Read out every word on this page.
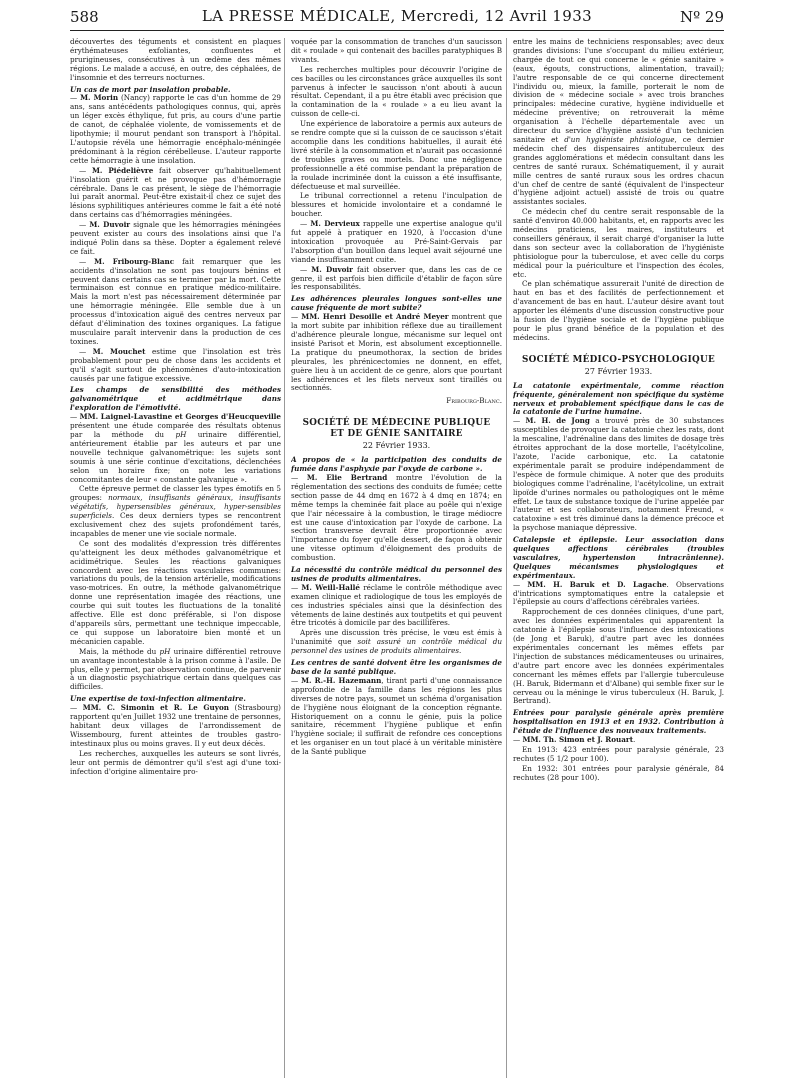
588	LA PRESSE MÉDICALE, Mercredi, 12 Avril 1933	Nº 29

découvertes des téguments et consistent en plaques érythémateuses exfoliantes, confluentes et prurigineuses, consécutives à un œdème des mêmes régions. Le malade a accusé, en outre, des céphalées, de l'insomnie et des terreurs nocturnes.

Un cas de mort par insolation probable.

— M. Morin (Nancy) rapporte le cas d'un homme de 29 ans, sans antécédents pathologiques connus, qui, après un léger excès éthylique, fut pris, au cours d'une partie de canot, de céphalée violente, de vomissements et de lipothymie; il mourut pendant son transport à l'hôpital. L'autopsie révéla une hémorragie encéphalo-méningée prédominant à la région cérébelleuse. L'auteur rapporte cette hémorragie à une insolation.

— M. Piédelièvre fait observer qu'habituellement l'insolation guérit et ne provoque pas d'hémorragie cérébrale. Dans le cas présent, le siège de l'hémorragie lui paraît anormal. Peut-être existait-il chez ce sujet des lésions syphilitiques antérieures comme le fait a été noté dans certains cas d'hémorragies méningées.

— M. Duvoir signale que les hémorragies méningées peuvent exister au cours des insolations ainsi que l'a indiqué Polin dans sa thèse. Dopter a également relevé ce fait.

— M. Fribourg-Blanc fait remarquer que les accidents d'insolation ne sont pas toujours bénins et peuvent dans certains cas se terminer par la mort. Cette terminaison est connue en pratique médico-militaire. Mais la mort n'est pas nécessairement déterminée par une hémorragie méningée. Elle semble due à un processus d'intoxication aiguë des centres nerveux par défaut d'élimination des toxines organiques. La fatigue musculaire paraît intervenir dans la production de ces toxines.

— M. Mouchet estime que l'insolation est très probablement pour peu de chose dans les accidents et qu'il s'agit surtout de phénomènes d'auto-intoxication causés par une fatigue excessive.

Les champs de sensibilité des méthodes galvanométrique et acidimétrique dans l'exploration de l'émotivité.

— MM. Laignel-Lavastine et Georges d'Heucqueville présentent une étude comparée des résultats obtenus par la méthode du pH urinaire différentiel, antérieurement établie par les auteurs et par une nouvelle technique galvanométrique: les sujets sont soumis à une série continue d'excitations, déclenchées selon un horaire fixe; on note les variations concomitantes de leur « constante galvanique ».

Cette épreuve permet de classer les types émotifs en 5 groupes: normaux, insuffisants généraux, insuffisants végétatifs, hypersensibles généraux, hyper-sensibles superficiels. Ces deux derniers types se rencontrent exclusivement chez des sujets profondément tarés, incapables de mener une vie sociale normale.

Ce sont des modalités d'expression très différentes qu'atteignent les deux méthodes galvanométrique et acidimétrique. Seules les réactions galvaniques concordent avec les réactions vasculaires communes: variations du pouls, de la tension artérielle, modifications vaso-motrices. En outre, la méthode galvanométrique donne une représentation imagée des réactions, une courbe qui suit toutes les fluctuations de la tonalité affective. Elle est donc préférable, si l'on dispose d'appareils sûrs, permettant une technique impeccable, ce qui suppose un laboratoire bien monté et un mécanicien capable.

Mais, la méthode du pH urinaire différentiel retrouve un avantage incontestable à la prison comme à l'asile. De plus, elle y permet, par observation continue, de parvenir à un diagnostic psychiatrique certain dans quelques cas difficiles.

Une expertise de toxi-infection alimentaire.

— MM. C. Simonin et R. Le Guyon (Strasbourg) rapportent qu'en Juillet 1932 une trentaine de personnes, habitant deux villages de l'arrondissement de Wissembourg, furent atteintes de troubles gastro-intestinaux plus ou moins graves. Il y eut deux décès.

Les recherches, auxquelles les auteurs se sont livrés, leur ont permis de démontrer qu'il s'est agi d'une toxi-infection d'origine alimentaire pro-

voquée par la consommation de tranches d'un saucisson dit « roulade » qui contenait des bacilles paratyphiques B vivants.

Les recherches multiples pour découvrir l'origine de ces bacilles ou les circonstances grâce auxquelles ils sont parvenus à infecter le saucisson n'ont abouti à aucun résultat. Cependant, il a pu être établi avec précision que la contamination de la « roulade » a eu lieu avant la cuisson de celle-ci.

Une expérience de laboratoire a permis aux auteurs de se rendre compte que si la cuisson de ce saucisson s'était accomplie dans les conditions habituelles, il aurait été livré stérile à la consommation et n'aurait pas occasionné de troubles graves ou mortels. Donc une négligence professionnelle a été commise pendant la préparation de la roulade incriminée dont la cuisson a été insuffisante, défectueuse et mal surveillée.

Le tribunal correctionnel a retenu l'inculpation de blessures et homicide involontaire et a condamné le boucher.

— M. Dervieux rappelle une expertise analogue qu'il fut appelé à pratiquer en 1920, à l'occasion d'une intoxication provoquée au Pré-Saint-Gervais par l'absorption d'un bouillon dans lequel avait séjourné une viande insuffisamment cuite.

— M. Duvoir fait observer que, dans les cas de ce genre, il est parfois bien difficile d'établir de façon sûre les responsabilités.

Les adhérences pleurales longues sont-elles une cause fréquente de mort subite?

— MM. Henri Desoille et André Meyer montrent que la mort subite par inhibition réflexe due au tiraillement d'adhérence pleurale longue, mécanisme sur lequel ont insisté Parisot et Morin, est absolument exceptionnelle. La pratique du pneumothorax, la section de brides pleurales, les phrénicectomies ne donnent, en effet, guère lieu à un accident de ce genre, alors que pourtant les adhérences et les filets nerveux sont tiraillés ou sectionnés.

Fribourg-Blanc.
SOCIÉTÉ DE MÉDECINE PUBLIQUE
ET DE GÉNIE SANITAIRE
22 Février 1933.
A propos de « la participation des conduits de fumée dans l'asphyxie par l'oxyde de carbone ».

— M. Elie Bertrand montre l'évolution de la réglementation des sections des conduits de fumée; cette section passe de 44 dmq en 1672 à 4 dmq en 1874; en même temps la cheminée fait place au poêle qui n'exige que l'air nécessaire à la combustion, le tirage médiocre est une cause d'intoxication par l'oxyde de carbone. La section transverse devrait être proportionnée avec l'importance du foyer qu'elle dessert, de façon à obtenir une vitesse optimum d'éloignement des produits de combustion.

La nécessité du contrôle médical du personnel des usines de produits alimentaires.

— M. Weill-Hallé réclame le contrôle méthodique avec examen clinique et radiologique de tous les employés de ces industries spéciales ainsi que la désinfection des vêtements de laine destinés aux toutpetits et qui peuvent être tricotés à domicile par des bacillifères.

Après une discussion très précise, le vœu est émis à l'unanimité que soit assuré un contrôle médical du personnel des usines de produits alimentaires.

Les centres de santé doivent être les organismes de base de la santé publique.

— M. R.-H. Hazemann, tirant parti d'une connaissance approfondie de la famille dans les régions les plus diverses de notre pays, soumet un schéma d'organisation de l'hygiène nous éloignant de la conception régnante. Historiquement on a connu le génie, puis la police sanitaire, récemment l'hygiène publique et enfin l'hygiène sociale; il suffirait de refondre ces conceptions et les organiser en un tout placé à un véritable ministère de la Santé publique

entre les mains de techniciens responsables; avec deux grandes divisions: l'une s'occupant du milieu extérieur, chargée de tout ce qui concerne le « génie sanitaire » (eaux, égouts, constructions, alimentation, travail); l'autre responsable de ce qui concerne directement l'individu ou, mieux, la famille, porterait le nom de division de « médecine sociale » avec trois branches principales: médecine curative, hygiène individuelle et médecine préventive; on retrouverait la même organisation à l'échelle départementale avec un directeur du service d'hygiène assisté d'un technicien sanitaire et d'un hygiéniste phtisiologue, ce dernier médecin chef des dispensaires antituberculeux des grandes agglomérations et médecin consultant dans les centres de santé ruraux. Schématiquement, il y aurait mille centres de santé ruraux sous les ordres chacun d'un chef de centre de santé (équivalent de l'inspecteur d'hygiène adjoint actuel) assisté de trois ou quatre assistantes sociales.

Ce médecin chef du centre serait responsable de la santé d'environ 40.000 habitants, et, en rapports avec les médecins praticiens, les maires, instituteurs et conseillers généraux, il serait chargé d'organiser la lutte dans son secteur avec la collaboration de l'hygiéniste phtisiologue pour la tuberculose, et avec celle du corps médical pour la puériculture et l'inspection des écoles, etc.

Ce plan schématique assurerait l'unité de direction de haut en bas et des facilités de perfectionnement et d'avancement de bas en haut. L'auteur désire avant tout apporter les éléments d'une discussion constructive pour la fusion de l'hygiène sociale et de l'hygiène publique pour le plus grand bénéfice de la population et des médecins.

SOCIÉTÉ MÉDICO-PSYCHOLOGIQUE
27 Février 1933.
La catatonie expérimentale, comme réaction fréquente, généralement non spécifique du système nerveux et probablement spécifique dans le cas de la catatonie de l'urine humaine.

— M. H. de Jong a trouvé près de 30 substances susceptibles de provoquer la catatonie chez les rats, dont la mescaline, l'adrénaline dans des limites de dosage très étroites approchant de la dose mortelle, l'acétylcoline, l'azote, l'acide carbonique, etc. La catatonie expérimentale paraît se produire indépendamment de l'espèce de formule chimique. A noter que des produits biologiques comme l'adrénaline, l'acétylcoline, un extrait lipoïde d'urines normales ou pathologiques ont le même effet. Le taux de substance toxique de l'urine appelée par l'auteur et ses collaborateurs, notamment Freund, « catatoxine » est très diminué dans la démence précoce et la psychose maniaque dépressive.

Catalepsie et épilepsie. Leur association dans quelques affections cérébrales (troubles vasculaires, hypertension intracrânienne). Quelques mécanismes physiologiques et expérimentaux.

— MM. H. Baruk et D. Lagache. Observations d'intrications symptomatiques entre la catalepsie et l'épilepsie au cours d'affections cérébrales variées.

Rapprochement de ces données cliniques, d'une part, avec les données expérimentales qui apparentent la catatonie à l'épilepsie sous l'influence des intoxications (de Jong et Baruk), d'autre part avec les données expérimentales concernant les mêmes effets par l'injection de substances médicamenteuses ou urinaires, d'autre part encore avec les données expérimentales concernant les mêmes effets par l'allergie tuberculeuse (H. Baruk, Bidermann et d'Albane) qui semble fixer sur le cerveau ou la méninge le virus tuberculeux (H. Baruk, J. Bertrand).

Entrées pour paralysie générale après première hospitalisation en 1913 et en 1932. Contribution à l'étude de l'influence des nouveaux traitements.

— MM. Th. Simon et J. Rouart.

En 1913: 423 entrées pour paralysie générale, 23 rechutes (5 1/2 pour 100).

En 1932: 301 entrées pour paralysie générale, 84 rechutes (28 pour 100).
